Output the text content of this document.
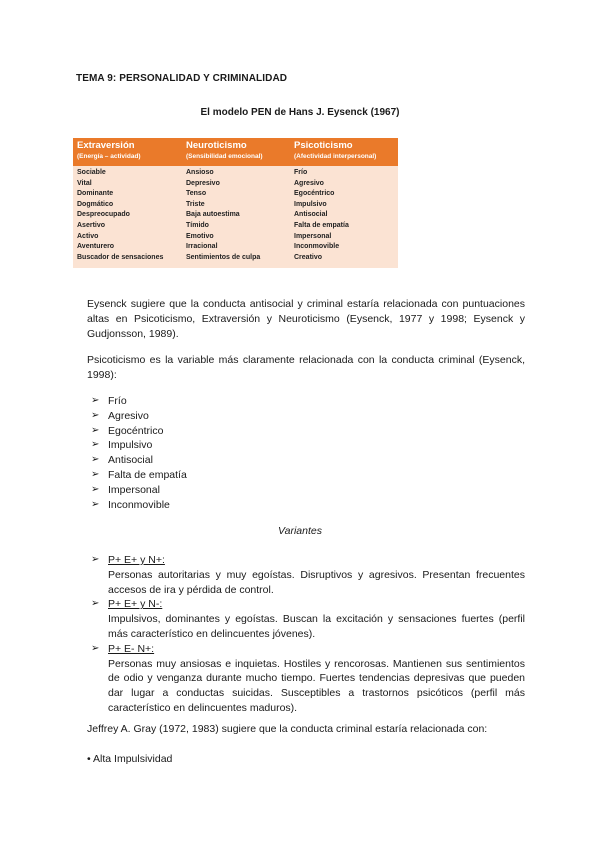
TEMA 9: PERSONALIDAD Y CRIMINALIDAD
El modelo PEN de Hans J. Eysenck (1967)
Extraversión
(Energía – actividad)
Neuroticismo
(Sensibilidad emocional)
Psicoticismo
(Afectividad interpersonal)
Sociable
Vital
Dominante
Dogmático
Despreocupado
Asertivo
Activo
Aventurero
Buscador de sensaciones
Ansioso
Depresivo
Tenso
Triste
Baja autoestima
Tímido
Emotivo
Irracional
Sentimientos de culpa
Frío
Agresivo
Egocéntrico
Impulsivo
Antisocial
Falta de empatía
Impersonal
Inconmovible
Creativo
Eysenck sugiere que la conducta antisocial y criminal estaría relacionada con puntuaciones altas en Psicoticismo, Extraversión y Neuroticismo (Eysenck, 1977 y 1998; Eysenck y Gudjonsson, 1989).
Psicoticismo es la variable más claramente relacionada con la conducta criminal (Eysenck, 1998):
➢ Frío
➢ Agresivo
➢ Egocéntrico
➢ Impulsivo
➢ Antisocial
➢ Falta de empatía
➢ Impersonal
➢ Inconmovible
Variantes
➢ P+ E+ y N+:
Personas autoritarias y muy egoístas. Disruptivos y agresivos. Presentan frecuentes accesos de ira y pérdida de control.
➢ P+ E+ y N-:
Impulsivos, dominantes y egoístas. Buscan la excitación y sensaciones fuertes (perfil más característico en delincuentes jóvenes).
➢ P+ E- N+:
Personas muy ansiosas e inquietas. Hostiles y rencorosas. Mantienen sus sentimientos de odio y venganza durante mucho tiempo. Fuertes tendencias depresivas que pueden dar lugar a conductas suicidas. Susceptibles a trastornos psicóticos (perfil más característico en delincuentes maduros).
Jeffrey A. Gray (1972, 1983) sugiere que la conducta criminal estaría relacionada con:
• Alta Impulsividad
